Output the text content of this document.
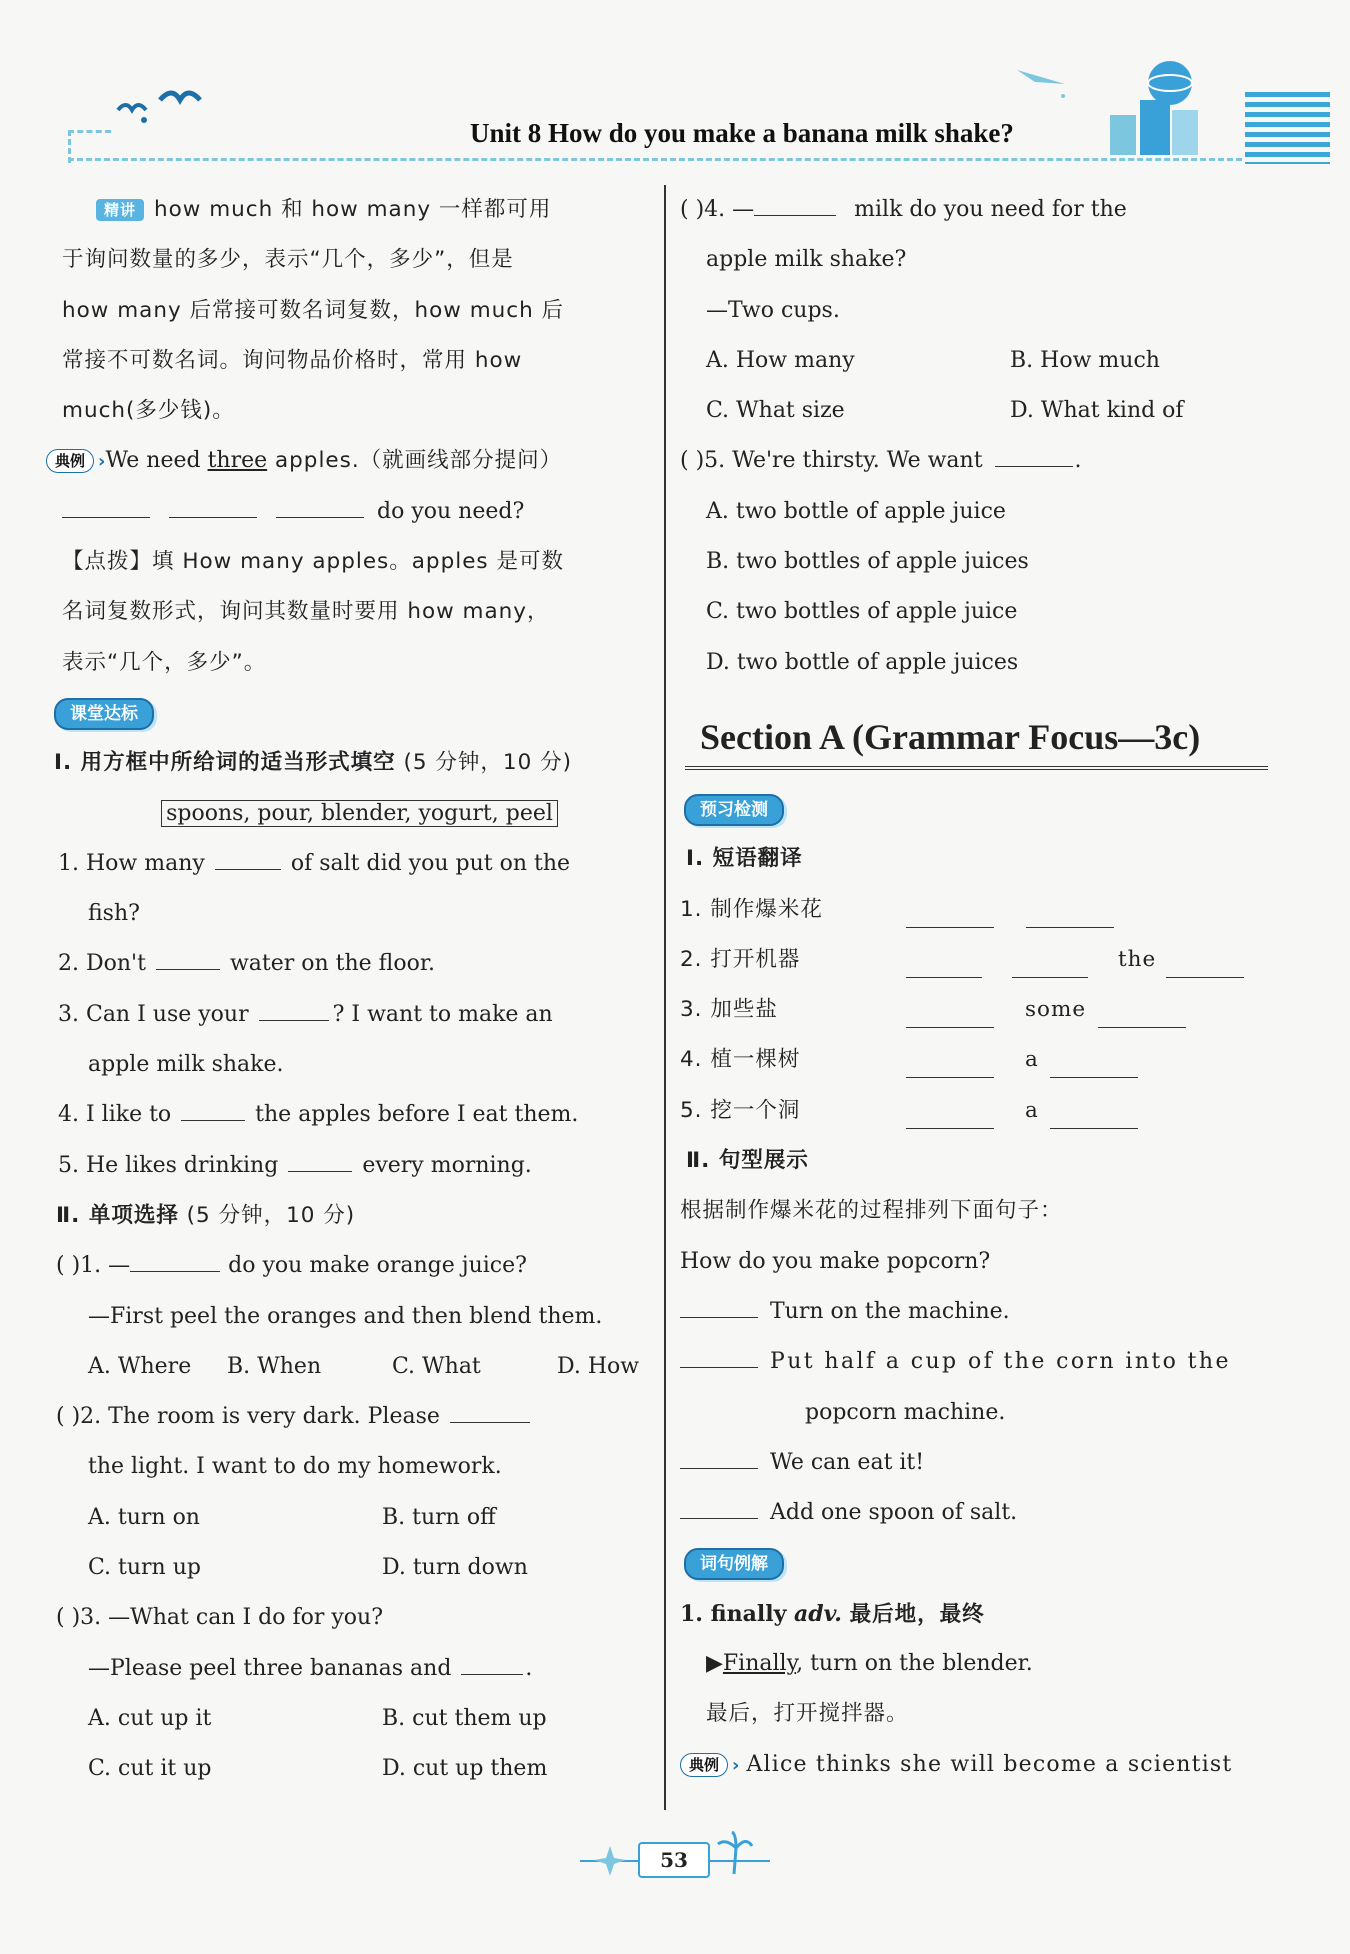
Unit 8 How do you make a banana milk shake?
精讲 how much 和 how many 一样都可用
于询问数量的多少，表示“几个，多少”，但是
how many 后常接可数名词复数，how much 后
常接不可数名词。询问物品价格时，常用 how
much(多少钱)。
典例 ›We need three apples.（就画线部分提问）
do you need?
【点拨】填 How many apples。apples 是可数
名词复数形式，询问其数量时要用 how many，
表示“几个，多少”。
课堂达标
Ⅰ. 用方框中所给词的适当形式填空 (5 分钟，10 分)
spoons, pour, blender, yogurt, peel
1. How many	of salt did you put on the
fish?
2. Don't	water on the floor.
3. Can I use your	? I want to make an
apple milk shake.
4. I like to	the apples before I eat them.
5. He likes drinking	every morning.
Ⅱ. 单项选择 (5 分钟，10 分)
( )1. —	do you make orange juice?
—First peel the oranges and then blend them.
A. Where B. When	C. What	D. How
( )2. The room is very dark. Please
the light. I want to do my homework.
A. turn on	B. turn off
C. turn up	D. turn down
( )3. —What can I do for you?
—Please peel three bananas and	.
A. cut up it	B. cut them up
C. cut it up	D. cut up them
( )4. —	milk do you need for the
apple milk shake?
—Two cups.
A. How many	B. How much
C. What size	D. What kind of
( )5. We're thirsty. We want	.
A. two bottle of apple juice
B. two bottles of apple juices
C. two bottles of apple juice
D. two bottle of apple juices
Section A (Grammar Focus—3c)
预习检测
Ⅰ. 短语翻译
1. 制作爆米花
2. 打开机器	the
3. 加些盐	some
4. 植一棵树	a
5. 挖一个洞	a
Ⅱ. 句型展示
根据制作爆米花的过程排列下面句子：
How do you make popcorn?
Turn on the machine.
Put half a cup of the corn into the
popcorn machine.
We can eat it!
Add one spoon of salt.
词句例解
1. finally adv. 最后地，最终
▶Finally, turn on the blender.
最后，打开搅拌器。
典例 › Alice thinks she will become a scientist
53
